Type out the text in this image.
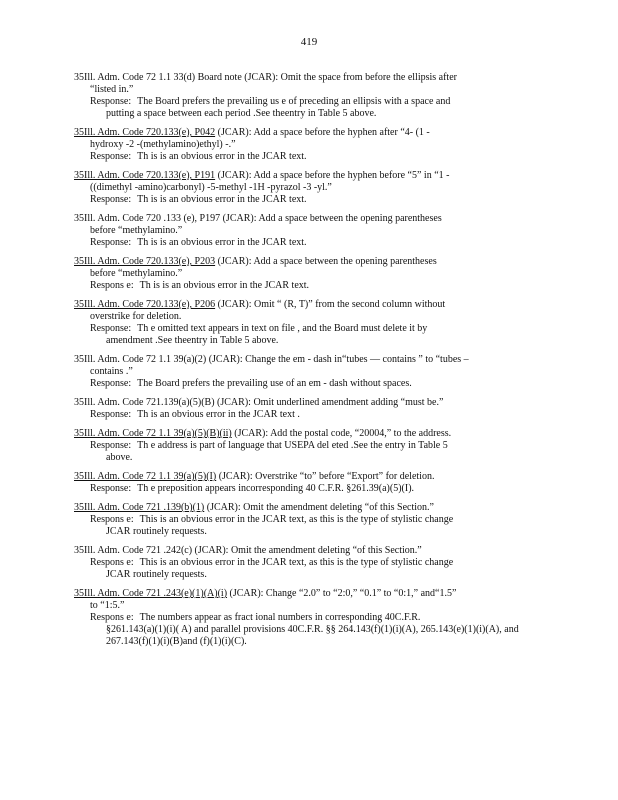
419
35Ill. Adm. Code 72 1.1 33(d) Board note (JCAR): Omit the space from before the ellipsis after
“listed in.”
Response: The Board prefers the prevailing us e of preceding an ellipsis with a space and
putting a space between each period .See theentry in Table 5 above.
35Ill. Adm. Code 720.133(e), P042 (JCAR): Add a space before the hyphen after “4- (1 -
hydroxy -2 -(methylamino)ethyl) -.”
Response: Th is is an obvious error in the JCAR text.
35Ill. Adm. Code 720.133(e), P191 (JCAR): Add a space before the hyphen before “5” in “1 -
((dimethyl -amino)carbonyl) -5-methyl -1H -pyrazol -3 -yl.”
Response: Th is is an obvious error in the JCAR text.
35Ill. Adm. Code 720 .133 (e), P197 (JCAR): Add a space between the opening parentheses
before “methylamino.”
Response: Th is is an obvious error in the JCAR text.
35Ill. Adm. Code 720.133(e), P203 (JCAR): Add a space between the opening parentheses
before “methylamino.”
Respons e: Th is is an obvious error in the JCAR text.
35Ill. Adm. Code 720.133(e), P206 (JCAR): Omit “ (R, T)” from the second column without
overstrike for deletion.
Response: Th e omitted text appears in text on file , and the Board must delete it by
amendment .See theentry in Table 5 above.
35Ill. Adm. Code 72 1.1 39(a)(2) (JCAR): Change the em - dash in“tubes — contains ” to “tubes –
contains .”
Response: The Board prefers the prevailing use of an em - dash without spaces.
35Ill. Adm. Code 721.139(a)(5)(B) (JCAR): Omit underlined amendment adding “must be.”
Response: Th is an obvious error in the JCAR text .
35Ill. Adm. Code 72 1.1 39(a)(5)(B)(ii) (JCAR): Add the postal code, “20004,” to the address.
Response: Th e address is part of language that USEPA del eted .See the entry in Table 5
above.
35Ill. Adm. Code 72 1.1 39(a)(5)(I) (JCAR): Overstrike “to” before “Export” for deletion.
Response: Th e preposition appears incorresponding 40 C.F.R. §261.39(a)(5)(I).
35Ill. Adm. Code 721 .139(b)(1) (JCAR): Omit the amendment deleting “of this Section.”
Respons e: This is an obvious error in the JCAR text, as this is the type of stylistic change
JCAR routinely requests.
35Ill. Adm. Code 721 .242(c) (JCAR): Omit the amendment deleting “of this Section.”
Respons e: This is an obvious error in the JCAR text, as this is the type of stylistic change
JCAR routinely requests.
35Ill. Adm. Code 721 .243(e)(1)(A)(i) (JCAR): Change “2.0” to “2:0,” “0.1” to “0:1,” and“1.5”
to “1:5.”
Respons e: The numbers appear as fract ional numbers in corresponding 40C.F.R.
§261.143(a)(1)(i)( A) and parallel provisions 40C.F.R. §§ 264.143(f)(1)(i)(A), 265.143(e)(1)(i)(A), and 267.143(f)(1)(i)(B)and (f)(1)(i)(C).
